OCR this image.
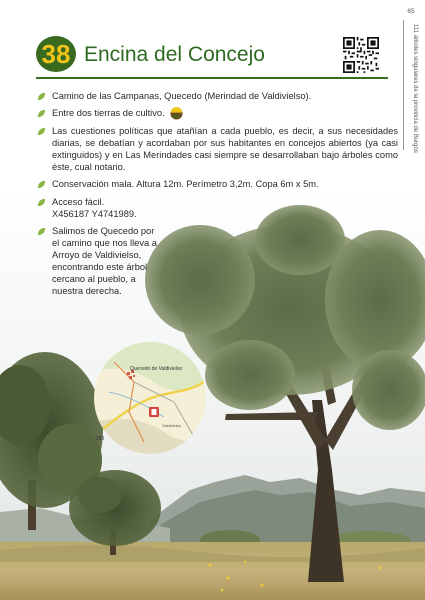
65
111 árboles singulares de la provincia de Burgos
38 Encina del Concejo
Quecedo de Valdivielso
Valdivielso
250
Camino de las Campanas, Quecedo (Merindad de Valdivielso).
Entre dos tierras de cultivo.
Las cuestiones políticas que atañían a cada pueblo, es decir, a sus necesidades diarias, se debatían y acordaban por sus habitantes en concejos abiertos (ya casi extinguidos) y en Las Merindades casi siempre se desarrollaban bajo árboles como éste, cual notario.
Conservación mala. Altura 12m. Perímetro 3,2m. Copa 6m x 5m.
Acceso fácil.
X456187 Y4741989.
Salimos de Quecedo por el camino que nos lleva a Arroyo de Valdivielso, encontrando este árbol cercano al pueblo, a nuestra derecha.
